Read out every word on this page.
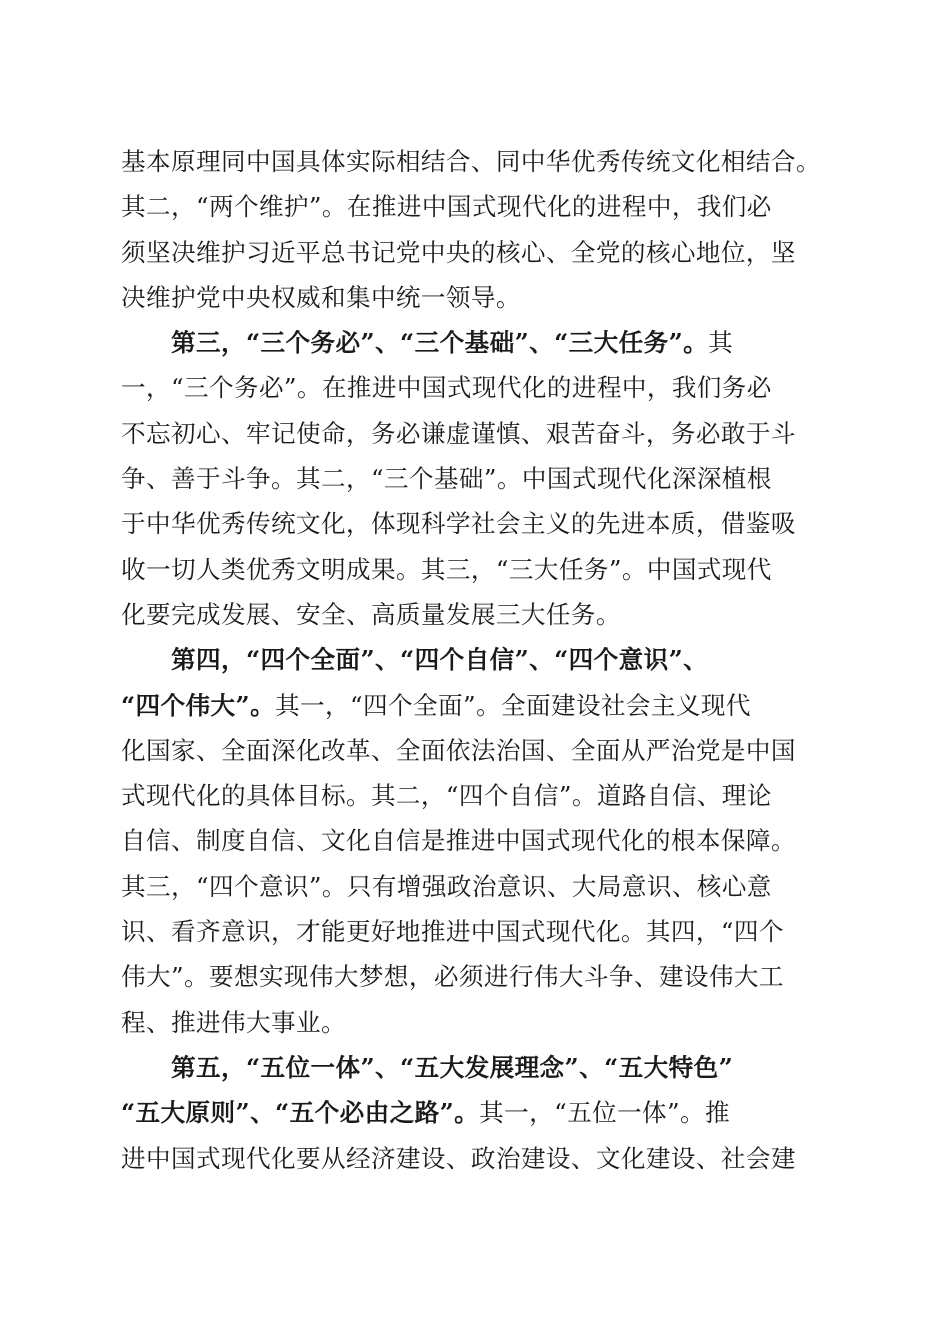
基本原理同中国具体实际相结合、同中华优秀传统文化相结合。
其二，“两个维护”。在推进中国式现代化的进程中，我们必
须坚决维护习近平总书记党中央的核心、全党的核心地位，坚
决维护党中央权威和集中统一领导。
第三，“三个务必”、“三个基础”、“三大任务”。其
一，“三个务必”。在推进中国式现代化的进程中，我们务必
不忘初心、牢记使命，务必谦虚谨慎、艰苦奋斗，务必敢于斗
争、善于斗争。其二，“三个基础”。中国式现代化深深植根
于中华优秀传统文化，体现科学社会主义的先进本质，借鉴吸
收一切人类优秀文明成果。其三，“三大任务”。中国式现代
化要完成发展、安全、高质量发展三大任务。
第四，“四个全面”、“四个自信”、“四个意识”、
“四个伟大”。其一，“四个全面”。全面建设社会主义现代
化国家、全面深化改革、全面依法治国、全面从严治党是中国
式现代化的具体目标。其二，“四个自信”。道路自信、理论
自信、制度自信、文化自信是推进中国式现代化的根本保障。
其三，“四个意识”。只有增强政治意识、大局意识、核心意
识、看齐意识，才能更好地推进中国式现代化。其四，“四个
伟大”。要想实现伟大梦想，必须进行伟大斗争、建设伟大工
程、推进伟大事业。
第五，“五位一体”、“五大发展理念”、“五大特色”
“五大原则”、“五个必由之路”。其一，“五位一体”。推
进中国式现代化要从经济建设、政治建设、文化建设、社会建
